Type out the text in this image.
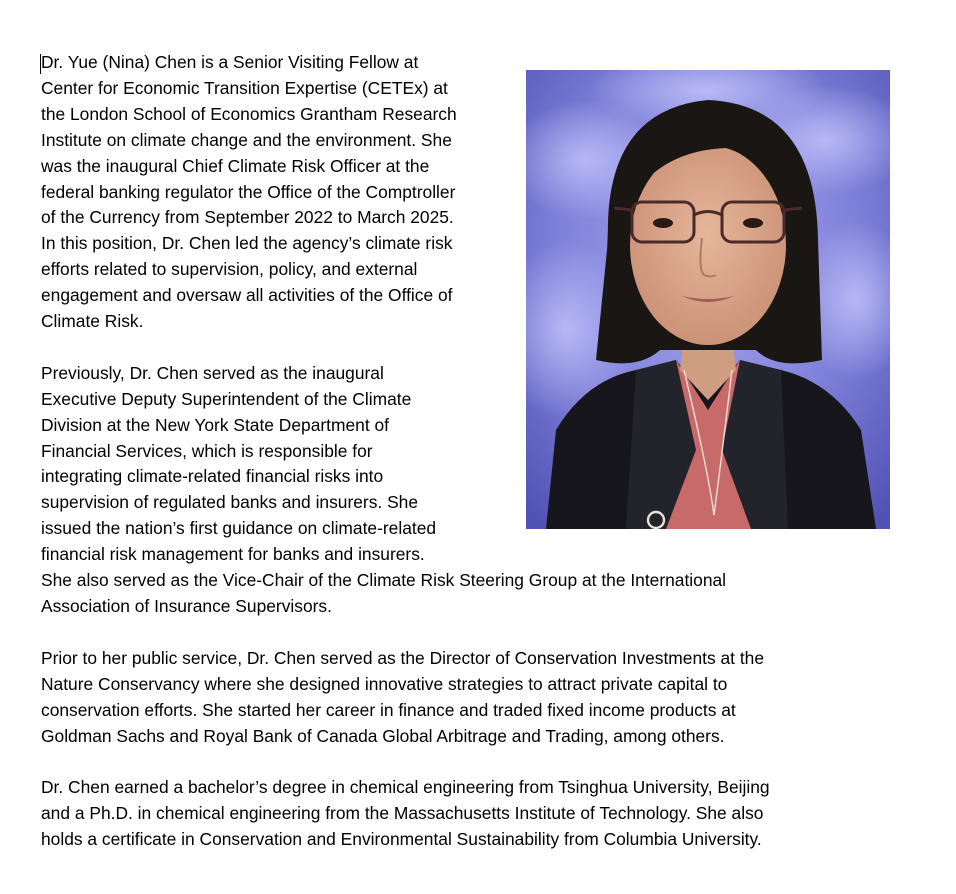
Dr. Yue (Nina) Chen is a Senior Visiting Fellow at
Center for Economic Transition Expertise (CETEx) at
the London School of Economics Grantham Research
Institute on climate change and the environment. She
was the inaugural Chief Climate Risk Officer at the
federal banking regulator the Office of the Comptroller
of the Currency from September 2022 to March 2025.
In this position, Dr. Chen led the agency’s climate risk
efforts related to supervision, policy, and external
engagement and oversaw all activities of the Office of
Climate Risk.
Previously, Dr. Chen served as the inaugural
Executive Deputy Superintendent of the Climate
Division at the New York State Department of
Financial Services, which is responsible for
integrating climate-related financial risks into
supervision of regulated banks and insurers. She
issued the nation’s first guidance on climate-related
financial risk management for banks and insurers.
She also served as the Vice-Chair of the Climate Risk Steering Group at the International
Association of Insurance Supervisors.
Prior to her public service, Dr. Chen served as the Director of Conservation Investments at the
Nature Conservancy where she designed innovative strategies to attract private capital to
conservation efforts. She started her career in finance and traded fixed income products at
Goldman Sachs and Royal Bank of Canada Global Arbitrage and Trading, among others.
Dr. Chen earned a bachelor’s degree in chemical engineering from Tsinghua University, Beijing
and a Ph.D. in chemical engineering from the Massachusetts Institute of Technology. She also
holds a certificate in Conservation and Environmental Sustainability from Columbia University.
